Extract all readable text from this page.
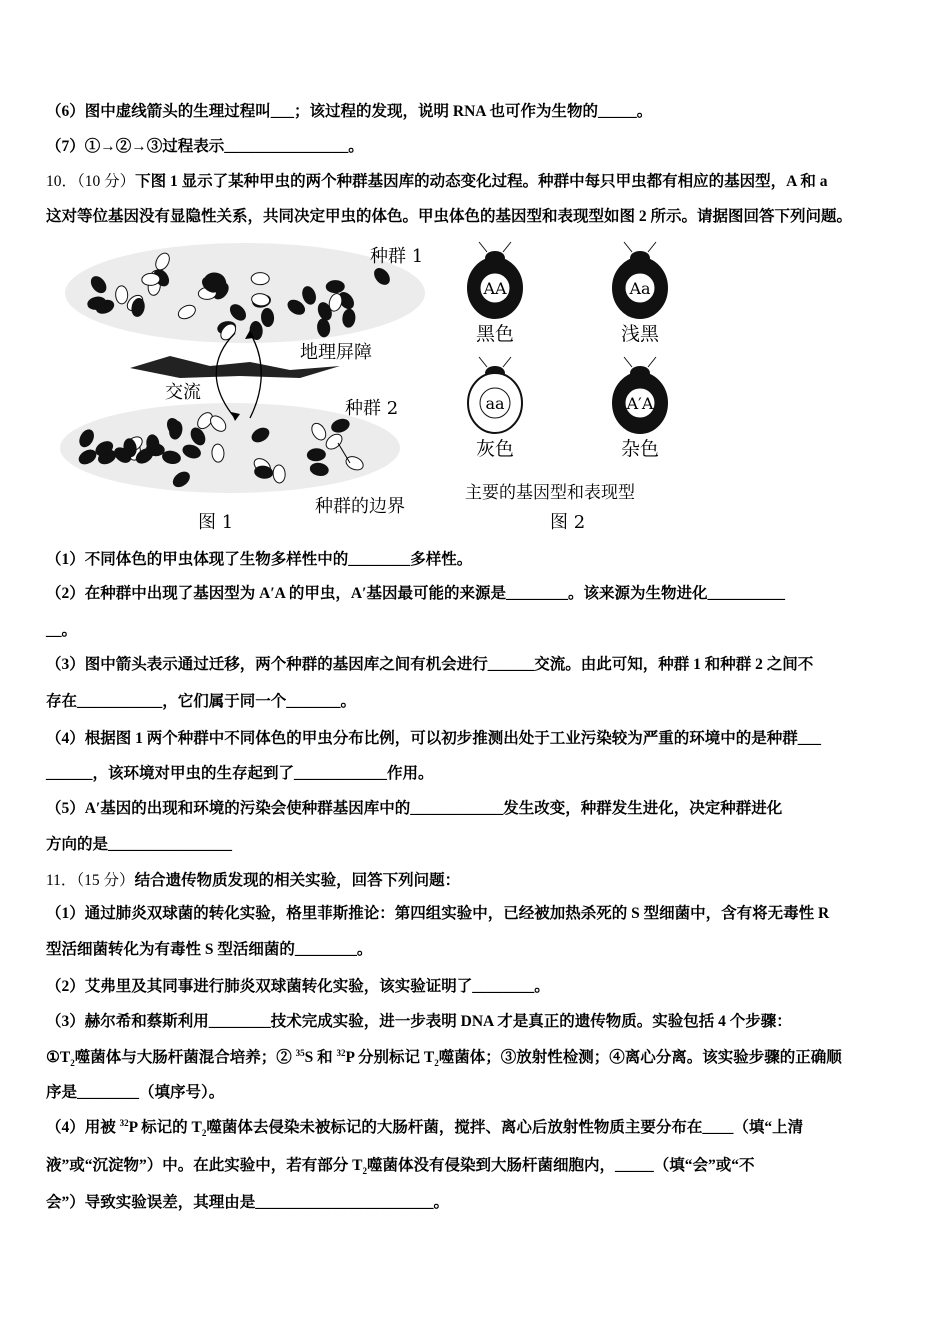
（6）图中虚线箭头的生理过程叫___；该过程的发现，说明 RNA 也可作为生物的_____。
（7）①→②→③过程表示________________。
10．（10 分）下图 1 显示了某种甲虫的两个种群基因库的动态变化过程。种群中每只甲虫都有相应的基因型，A 和 a
这对等位基因没有显隐性关系，共同决定甲虫的体色。甲虫体色的基因型和表现型如图 2 所示。请据图回答下列问题。
种群 1
地理屏障
交流
种群 2
种群的边界
图 1
AA
黑色
Aa
浅黑
aa
灰色
A′A
杂色
主要的基因型和表现型
图 2
（1）不同体色的甲虫体现了生物多样性中的________多样性。
（2）在种群中出现了基因型为 A′A 的甲虫，A′基因最可能的来源是________。该来源为生物进化__________
__。
（3）图中箭头表示通过迁移，两个种群的基因库之间有机会进行______交流。由此可知，种群 1 和种群 2 之间不
存在___________，它们属于同一个_______。
（4）根据图 1 两个种群中不同体色的甲虫分布比例，可以初步推测出处于工业污染较为严重的环境中的是种群___
______，该环境对甲虫的生存起到了____________作用。
（5）A′基因的出现和环境的污染会使种群基因库中的____________发生改变，种群发生进化，决定种群进化
方向的是________________
11．（15 分）结合遗传物质发现的相关实验，回答下列问题：
（1）通过肺炎双球菌的转化实验，格里菲斯推论：第四组实验中，已经被加热杀死的 S 型细菌中，含有将无毒性 R
型活细菌转化为有毒性 S 型活细菌的________。
（2）艾弗里及其同事进行肺炎双球菌转化实验，该实验证明了________。
（3）赫尔希和蔡斯利用________技术完成实验，进一步表明 DNA 才是真正的遗传物质。实验包括 4 个步骤：
$①T_2$噬菌体与大肠杆菌混合培养；② $^{35}$S 和 $^{32}$P 分别标记 $T_2$噬菌体；③放射性检测；④离心分离。该实验步骤的正确顺
序是________（填序号）。
（4）用被 $^{32}$P 标记的 $T_2$噬菌体去侵染未被标记的大肠杆菌，搅拌、离心后放射性物质主要分布在____（填“上清
液”或“沉淀物”）中。在此实验中，若有部分 $T_2$噬菌体没有侵染到大肠杆菌细胞内，_____（填“会”或“不
会”）导致实验误差，其理由是_______________________。
